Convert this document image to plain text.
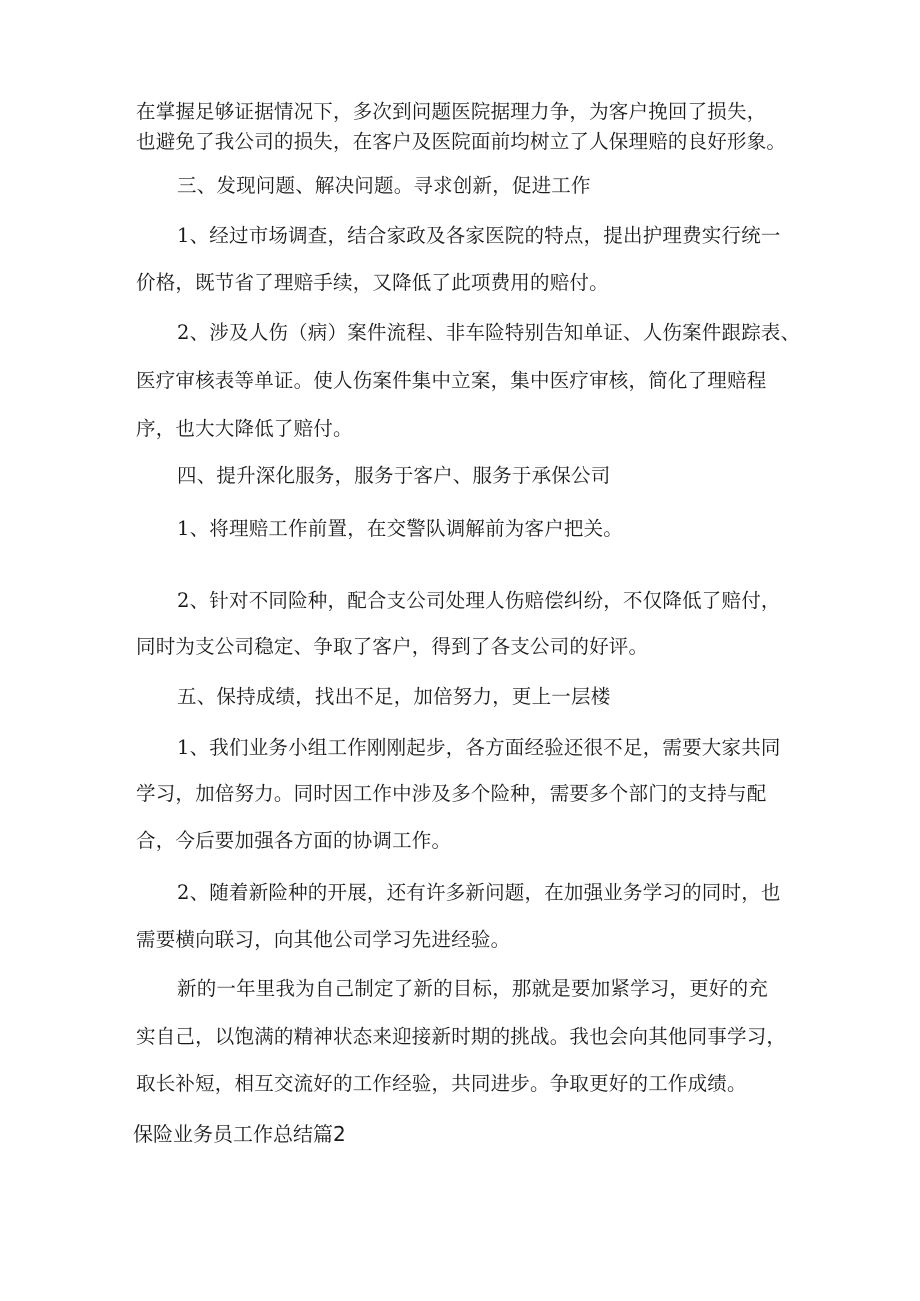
在掌握足够证据情况下，多次到问题医院据理力争，为客户挽回了损失，
也避免了我公司的损失，在客户及医院面前均树立了人保理赔的良好形象。
三、发现问题、解决问题。寻求创新，促进工作
1、经过市场调查，结合家政及各家医院的特点，提出护理费实行统一
价格，既节省了理赔手续，又降低了此项费用的赔付。
2、涉及人伤（病）案件流程、非车险特别告知单证、人伤案件跟踪表、
医疗审核表等单证。使人伤案件集中立案，集中医疗审核，简化了理赔程
序，也大大降低了赔付。
四、提升深化服务，服务于客户、服务于承保公司
1、将理赔工作前置，在交警队调解前为客户把关。
2、针对不同险种，配合支公司处理人伤赔偿纠纷，不仅降低了赔付，
同时为支公司稳定、争取了客户，得到了各支公司的好评。
五、保持成绩，找出不足，加倍努力，更上一层楼
1、我们业务小组工作刚刚起步，各方面经验还很不足，需要大家共同
学习，加倍努力。同时因工作中涉及多个险种，需要多个部门的支持与配
合，今后要加强各方面的协调工作。
2、随着新险种的开展，还有许多新问题，在加强业务学习的同时，也
需要横向联习，向其他公司学习先进经验。
新的一年里我为自己制定了新的目标，那就是要加紧学习，更好的充
实自己，以饱满的精神状态来迎接新时期的挑战。我也会向其他同事学习，
取长补短，相互交流好的工作经验，共同进步。争取更好的工作成绩。
保险业务员工作总结篇2
